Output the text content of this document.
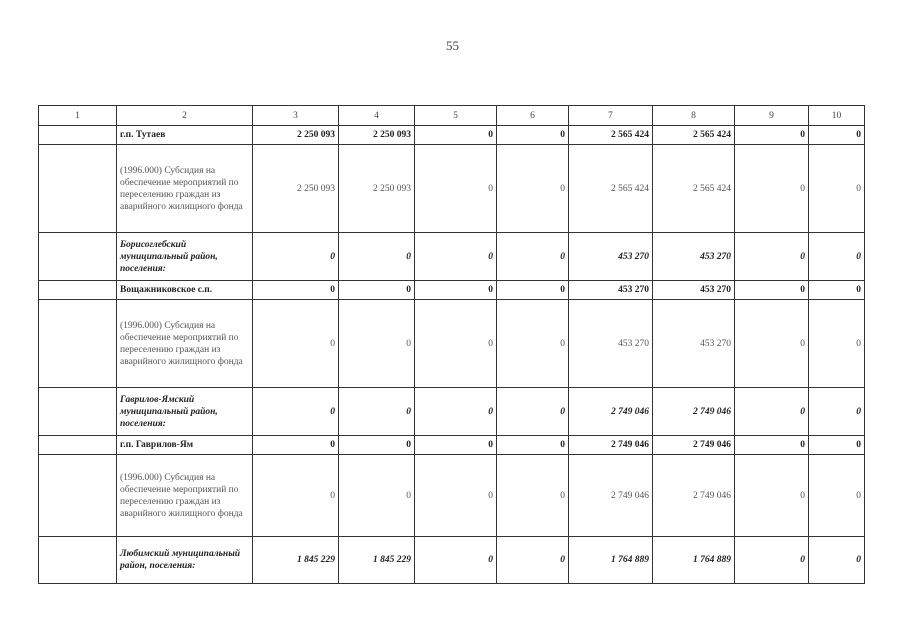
55
1	2	3	4	5	6	7	8	9	10
	г.п. Тутаев	2 250 093	2 250 093	0	0	2 565 424	2 565 424	0	0
	(1996.000) Субсидия на обеспечение мероприятий по переселению граждан из аварийного жилищного фонда	2 250 093	2 250 093	0	0	2 565 424	2 565 424	0	0
	Борисоглебский муниципальный район, поселения:	0	0	0	0	453 270	453 270	0	0
	Вощажниковское с.п.	0	0	0	0	453 270	453 270	0	0
	(1996.000) Субсидия на обеспечение мероприятий по переселению граждан из аварийного жилищного фонда	0	0	0	0	453 270	453 270	0	0
	Гаврилов-Ямский муниципальный район, поселения:	0	0	0	0	2 749 046	2 749 046	0	0
	г.п. Гаврилов-Ям	0	0	0	0	2 749 046	2 749 046	0	0
	(1996.000) Субсидия на обеспечение мероприятий по переселению граждан из аварийного жилищного фонда	0	0	0	0	2 749 046	2 749 046	0	0
	Любимский муниципальный район, поселения:	1 845 229	1 845 229	0	0	1 764 889	1 764 889	0	0
